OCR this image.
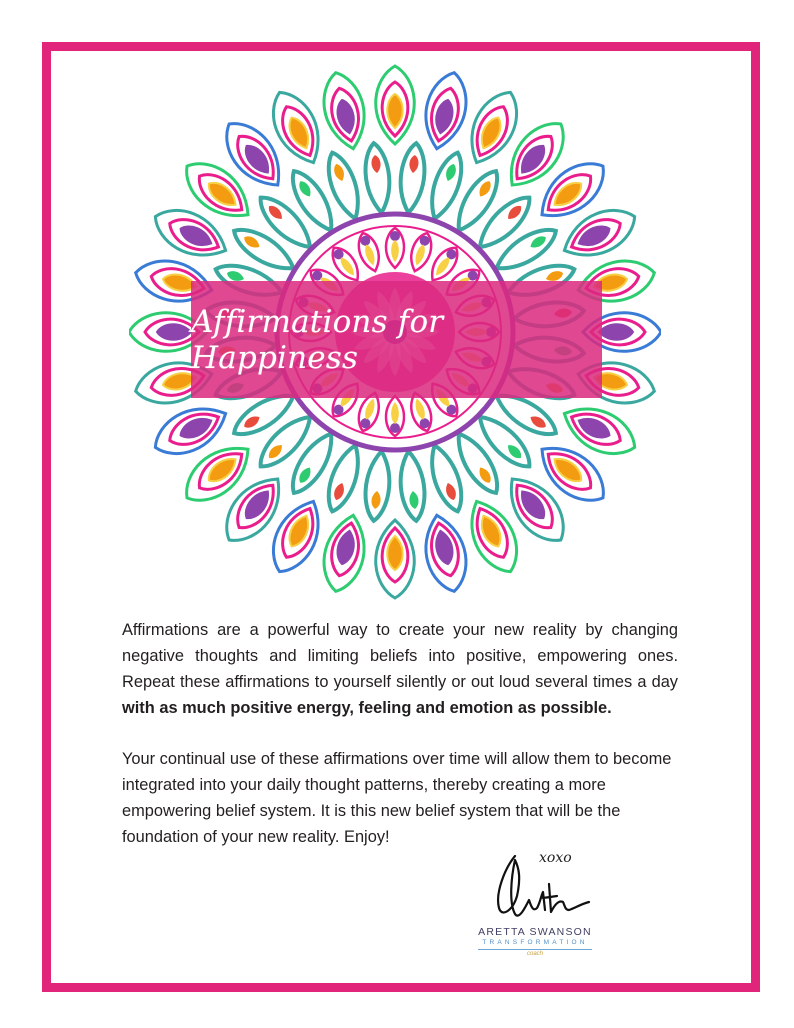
Affirmations for Happiness

Affirmations are a powerful way to create your new reality by changing negative thoughts and limiting beliefs into positive, empowering ones. Repeat these affirmations to yourself silently or out loud several times a day with as much positive energy, feeling and emotion as possible.

Your continual use of these affirmations over time will allow them to become integrated into your daily thought patterns, thereby creating a more empowering belief system. It is this new belief system that will be the foundation of your new reality. Enjoy!

xoxo
ARETTA SWANSON
TRANSFORMATION
coach
